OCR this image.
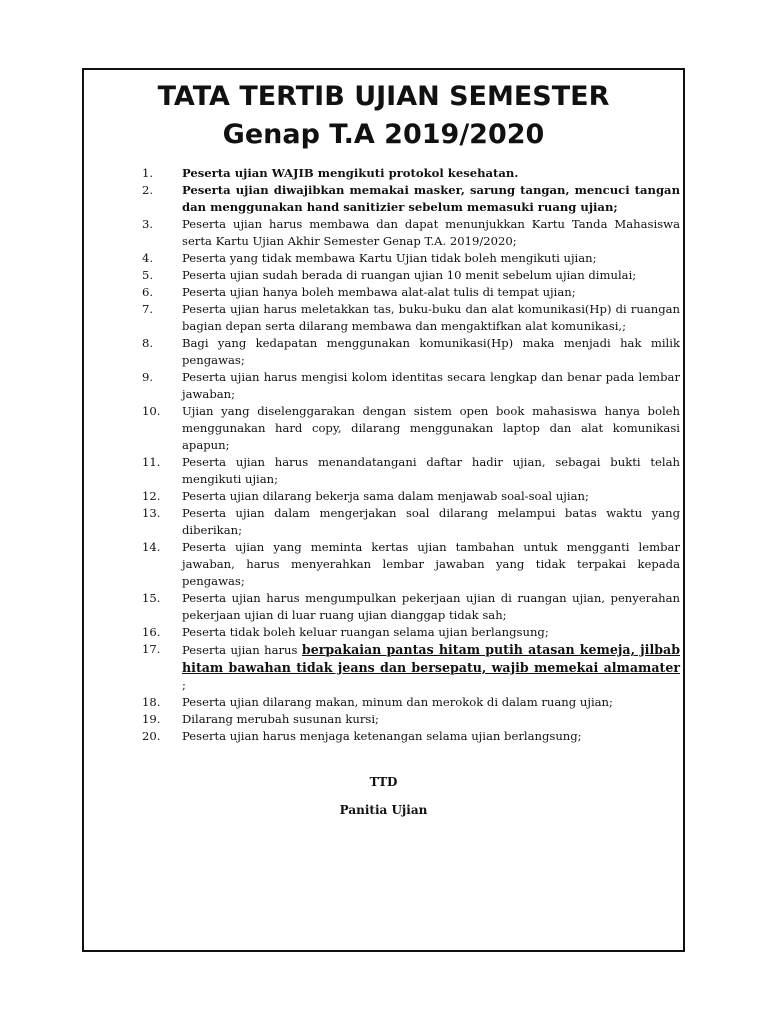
TATA TERTIB UJIAN SEMESTER
Genap T.A 2019/2020
1.	Peserta ujian WAJIB mengikuti protokol kesehatan.
2.	Peserta ujian diwajibkan memakai masker, sarung tangan, mencuci tangan dan menggunakan hand sanitizier sebelum memasuki ruang ujian;
3.	Peserta ujian harus membawa dan dapat menunjukkan Kartu Tanda Mahasiswa serta Kartu Ujian Akhir Semester Genap T.A. 2019/2020;
4.	Peserta yang tidak membawa Kartu Ujian tidak boleh mengikuti ujian;
5.	Peserta ujian sudah berada di ruangan ujian 10 menit sebelum ujian dimulai;
6.	Peserta ujian hanya boleh membawa alat-alat tulis di tempat ujian;
7.	Peserta ujian harus meletakkan tas, buku-buku dan alat komunikasi(Hp) di ruangan bagian depan serta dilarang membawa dan mengaktifkan alat komunikasi,;
8.	Bagi yang kedapatan menggunakan komunikasi(Hp) maka menjadi hak milik pengawas;
9.	Peserta ujian harus mengisi kolom identitas secara lengkap dan benar pada lembar jawaban;
10.	Ujian yang diselenggarakan dengan sistem open book mahasiswa hanya boleh menggunakan hard copy, dilarang menggunakan laptop dan alat komunikasi apapun;
11.	Peserta ujian harus menandatangani daftar hadir ujian, sebagai bukti telah mengikuti ujian;
12.	Peserta ujian dilarang bekerja sama dalam menjawab soal-soal ujian;
13.	Peserta ujian dalam mengerjakan soal dilarang melampui batas waktu yang diberikan;
14.	Peserta ujian yang meminta kertas ujian tambahan untuk mengganti lembar jawaban, harus menyerahkan lembar jawaban yang tidak terpakai kepada pengawas;
15.	Peserta ujian harus mengumpulkan pekerjaan ujian di ruangan ujian, penyerahan pekerjaan ujian di luar ruang ujian dianggap tidak sah;
16.	Peserta tidak boleh keluar ruangan selama ujian berlangsung;
17.	Peserta ujian harus berpakaian pantas hitam putih atasan kemeja, jilbab hitam bawahan tidak jeans dan bersepatu, wajib memekai almamater ;
18.	Peserta ujian dilarang makan, minum dan merokok di dalam ruang ujian;
19.	Dilarang merubah susunan kursi;
20.	Peserta ujian harus menjaga ketenangan selama ujian berlangsung;
TTD
Panitia Ujian
